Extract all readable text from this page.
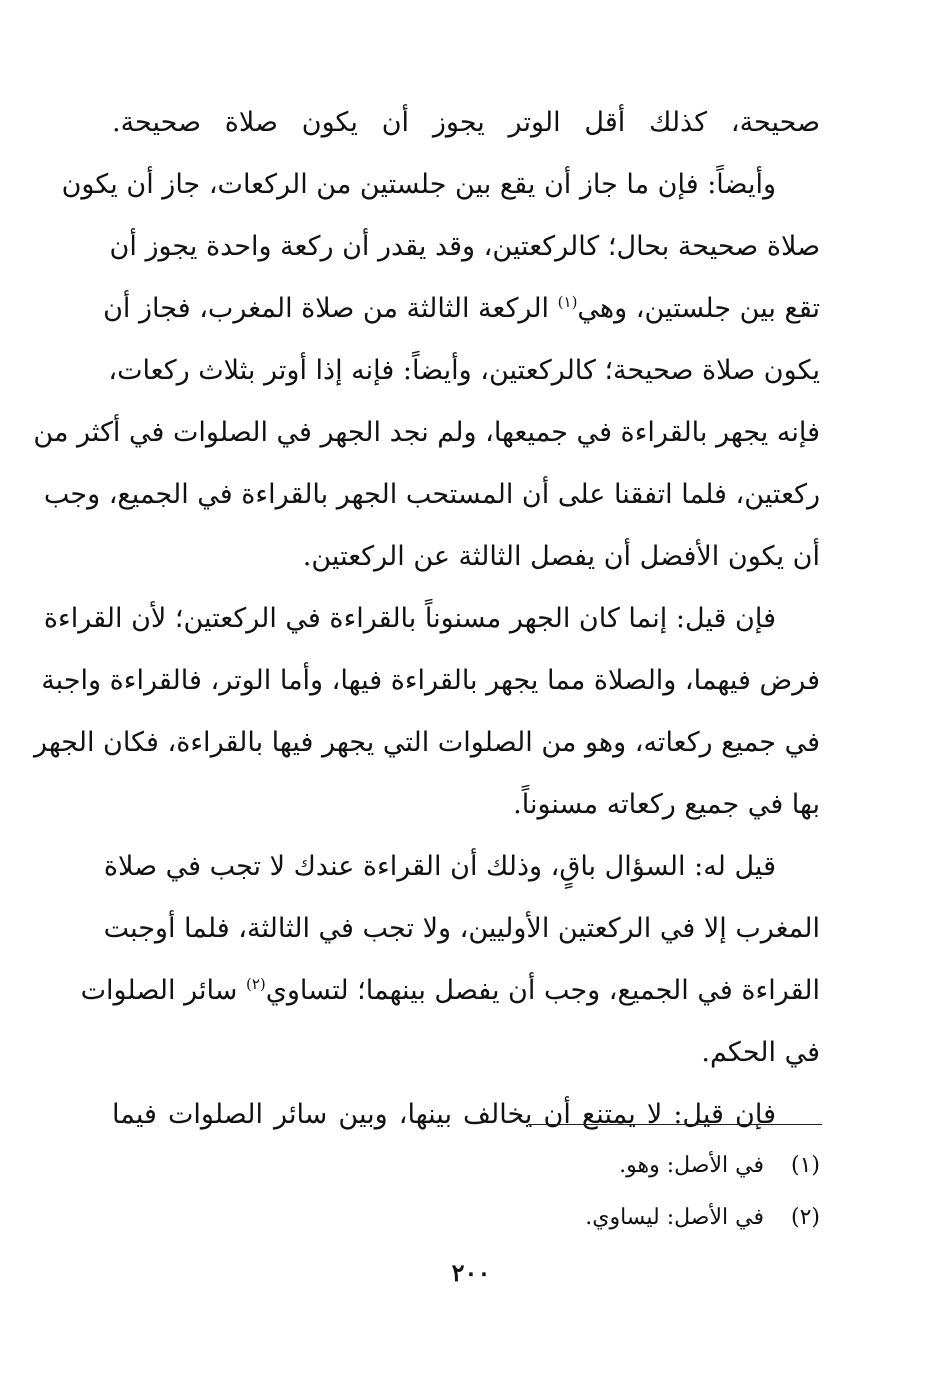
صحيحة، كذلك أقل الوتر يجوز أن يكون صلاة صحيحة.
وأيضاً: فإن ما جاز أن يقع بين جلستين من الركعات، جاز أن يكون
صلاة صحيحة بحال؛ كالركعتين، وقد يقدر أن ركعة واحدة يجوز أن
تقع بين جلستين، وهي$^{(١)}$ الركعة الثالثة من صلاة المغرب، فجاز أن
يكون صلاة صحيحة؛ كالركعتين، وأيضاً: فإنه إذا أوتر بثلاث ركعات،
فإنه يجهر بالقراءة في جميعها، ولم نجد الجهر في الصلوات في أكثر من
ركعتين، فلما اتفقنا على أن المستحب الجهر بالقراءة في الجميع، وجب
أن يكون الأفضل أن يفصل الثالثة عن الركعتين.
فإن قيل: إنما كان الجهر مسنوناً بالقراءة في الركعتين؛ لأن القراءة
فرض فيهما، والصلاة مما يجهر بالقراءة فيها، وأما الوتر، فالقراءة واجبة
في جميع ركعاته، وهو من الصلوات التي يجهر فيها بالقراءة، فكان الجهر
بها في جميع ركعاته مسنوناً.
قيل له: السؤال باقٍ، وذلك أن القراءة عندك لا تجب في صلاة
المغرب إلا في الركعتين الأوليين، ولا تجب في الثالثة، فلما أوجبت
القراءة في الجميع، وجب أن يفصل بينهما؛ لتساوي$^{(٢)}$ سائر الصلوات
في الحكم.
فإن قيل: لا يمتنع أن يخالف بينها، وبين سائر الصلوات فيما
(١)في الأصل: وهو.
(٢)في الأصل: ليساوي.
٢٠٠
